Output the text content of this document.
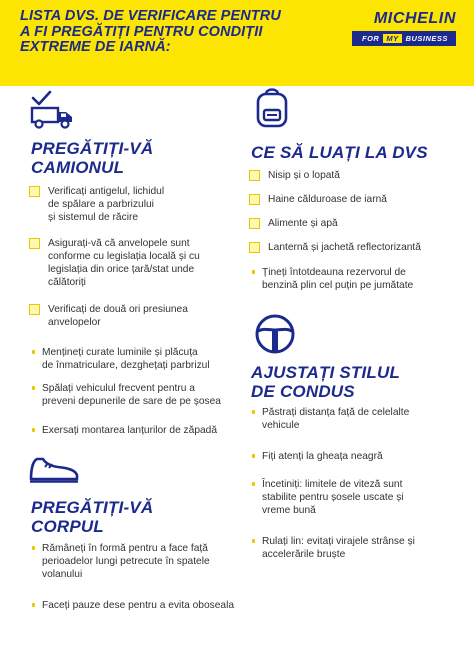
LISTA DVS. DE VERIFICARE PENTRU
A FI PREGĂTIȚI PENTRU CONDIȚII
EXTREME DE IARNĂ:
MICHELIN
FOR MY BUSINESS
PREGĂTIȚI-VĂ
CAMIONUL
Verificați antigelul, lichidul
de spălare a parbrizului
și sistemul de răcire
Asigurați-vă că anvelopele sunt
conforme cu legislația locală și cu
legislația din orice țară/stat unde
călătoriți
Verificați de două ori presiunea
anvelopelor
Mențineți curate luminile și plăcuța
de înmatriculare, dezghețați parbrizul
Spălați vehiculul frecvent pentru a
preveni depunerile de sare de pe șosea
Exersați montarea lanțurilor de zăpadă
PREGĂTIȚI-VĂ
CORPUL
Rămâneți în formă pentru a face față
perioadelor lungi petrecute în spatele
volanului
Faceți pauze dese pentru a evita oboseala
CE SĂ LUAȚI LA DVS
Nisip și o lopată
Haine călduroase de iarnă
Alimente și apă
Lanternă și jachetă reflectorizantă
Țineți întotdeauna rezervorul de
benzină plin cel puțin pe jumătate
AJUSTAȚI STILUL
DE CONDUS
Păstrați distanța față de celelalte
vehicule
Fiți atenți la gheața neagră
Încetiniți: limitele de viteză sunt
stabilite pentru șosele uscate și
vreme bună
Rulați lin: evitați virajele strânse și
accelerările bruște
